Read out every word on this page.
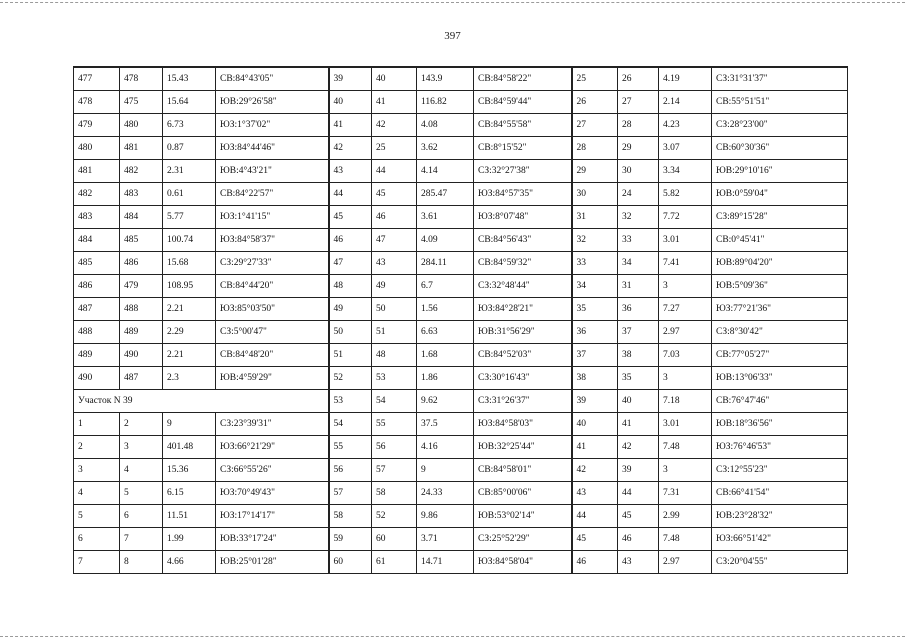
397
477	478	15.43	СВ:84°43'05"	39	40	143.9	СВ:84°58'22"	25	26	4.19	СЗ:31°31'37"
478	475	15.64	ЮВ:29°26'58"	40	41	116.82	СВ:84°59'44"	26	27	2.14	СВ:55°51'51"
479	480	6.73	ЮЗ:1°37'02"	41	42	4.08	СВ:84°55'58"	27	28	4.23	СЗ:28°23'00"
480	481	0.87	ЮЗ:84°44'46"	42	25	3.62	СВ:8°15'52"	28	29	3.07	СВ:60°30'36"
481	482	2.31	ЮВ:4°43'21"	43	44	4.14	СЗ:32°27'38"	29	30	3.34	ЮВ:29°10'16"
482	483	0.61	СВ:84°22'57"	44	45	285.47	ЮЗ:84°57'35"	30	24	5.82	ЮВ:0°59'04"
483	484	5.77	ЮЗ:1°41'15"	45	46	3.61	ЮЗ:8°07'48"	31	32	7.72	СЗ:89°15'28"
484	485	100.74	ЮЗ:84°58'37"	46	47	4.09	СВ:84°56'43"	32	33	3.01	СВ:0°45'41"
485	486	15.68	СЗ:29°27'33"	47	43	284.11	СВ:84°59'32"	33	34	7.41	ЮВ:89°04'20"
486	479	108.95	СВ:84°44'20"	48	49	6.7	СЗ:32°48'44"	34	31	3	ЮВ:5°09'36"
487	488	2.21	ЮЗ:85°03'50"	49	50	1.56	ЮЗ:84°28'21"	35	36	7.27	ЮЗ:77°21'36"
488	489	2.29	СЗ:5°00'47"	50	51	6.63	ЮВ:31°56'29"	36	37	2.97	СЗ:8°30'42"
489	490	2.21	СВ:84°48'20"	51	48	1.68	СВ:84°52'03"	37	38	7.03	СВ:77°05'27"
490	487	2.3	ЮВ:4°59'29"	52	53	1.86	СЗ:30°16'43"	38	35	3	ЮВ:13°06'33"
Участок N 39				53	54	9.62	СЗ:31°26'37"	39	40	7.18	СВ:76°47'46"
1	2	9	СЗ:23°39'31"	54	55	37.5	ЮЗ:84°58'03"	40	41	3.01	ЮВ:18°36'56"
2	3	401.48	ЮЗ:66°21'29"	55	56	4.16	ЮВ:32°25'44"	41	42	7.48	ЮЗ:76°46'53"
3	4	15.36	СЗ:66°55'26"	56	57	9	СВ:84°58'01"	42	39	3	СЗ:12°55'23"
4	5	6.15	ЮЗ:70°49'43"	57	58	24.33	СВ:85°00'06"	43	44	7.31	СВ:66°41'54"
5	6	11.51	ЮЗ:17°14'17"	58	52	9.86	ЮВ:53°02'14"	44	45	2.99	ЮВ:23°28'32"
6	7	1.99	ЮВ:33°17'24"	59	60	3.71	СЗ:25°52'29"	45	46	7.48	ЮЗ:66°51'42"
7	8	4.66	ЮВ:25°01'28"	60	61	14.71	ЮЗ:84°58'04"	46	43	2.97	СЗ:20°04'55"
